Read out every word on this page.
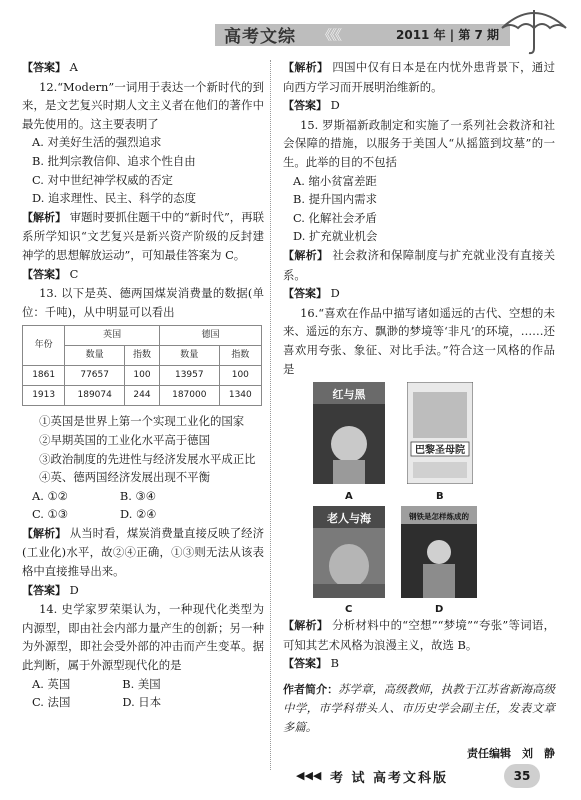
高考文综 《《《	2011 年 | 第 7 期

【答案】 A

12.“Modern”一词用于表达一个新时代的到来，是文艺复兴时期人文主义者在他们的著作中最先使用的。这主要表明了

A. 对美好生活的强烈追求

B. 批判宗教信仰、追求个性自由

C. 对中世纪神学权威的否定

D. 追求理性、民主、科学的态度

【解析】 审题时要抓住题干中的“新时代”，再联系所学知识“文艺复兴是新兴资产阶级的反封建神学的思想解放运动”，可知最佳答案为 C。

【答案】 C

13. 以下是英、德两国煤炭消费量的数据(单位：千吨)，从中明显可以看出

年份	英国		德国	
	数量	指数	数量	指数
1861	77657	100	13957	100
1913	189074	244	187000	1340

①英国是世界上第一个实现工业化的国家

②早期英国的工业化水平高于德国

③政治制度的先进性与经济发展水平成正比

④英、德两国经济发展出现不平衡

A. ①②	B. ③④

C. ①③	D. ②④

【解析】 从当时看，煤炭消费量直接反映了经济(工业化)水平，故②④正确，①③则无法从该表格中直接推导出来。

【答案】 D

14. 史学家罗荣渠认为，一种现代化类型为内源型，即由社会内部力量产生的创新；另一种为外源型，即社会受外部的冲击而产生变革。据此判断，属于外源型现代化的是

A. 英国	B. 美国

C. 法国	D. 日本

【解析】 四国中仅有日本是在内忧外患背景下，通过向西方学习而开展明治维新的。

【答案】 D

15. 罗斯福新政制定和实施了一系列社会救济和社会保障的措施，以服务于美国人“从摇篮到坟墓”的一生。此举的目的不包括

A. 缩小贫富差距

B. 提升国内需求

C. 化解社会矛盾

D. 扩充就业机会

【解析】 社会救济和保障制度与扩充就业没有直接关系。

【答案】 D

16.“喜欢在作品中描写诸如遥远的古代、空想的未来、遥远的东方、飘渺的梦境等‘非凡’的环境，……还喜欢用夸张、象征、对比手法。”符合这一风格的作品是

红与黑
A
巴黎圣母院
B
老人与海
C
钢铁是怎样炼成的
D

【解析】 分析材料中的“空想”“梦境”“夸张”等词语，可知其艺术风格为浪漫主义，故选 B。

【答案】 B

作者简介：苏学章，高级教师，执教于江苏省新海高级中学，市学科带头人、市历史学会副主任，发表文章多篇。

责任编辑　刘　静

◀◀◀ 考 试 高考文科版	35
